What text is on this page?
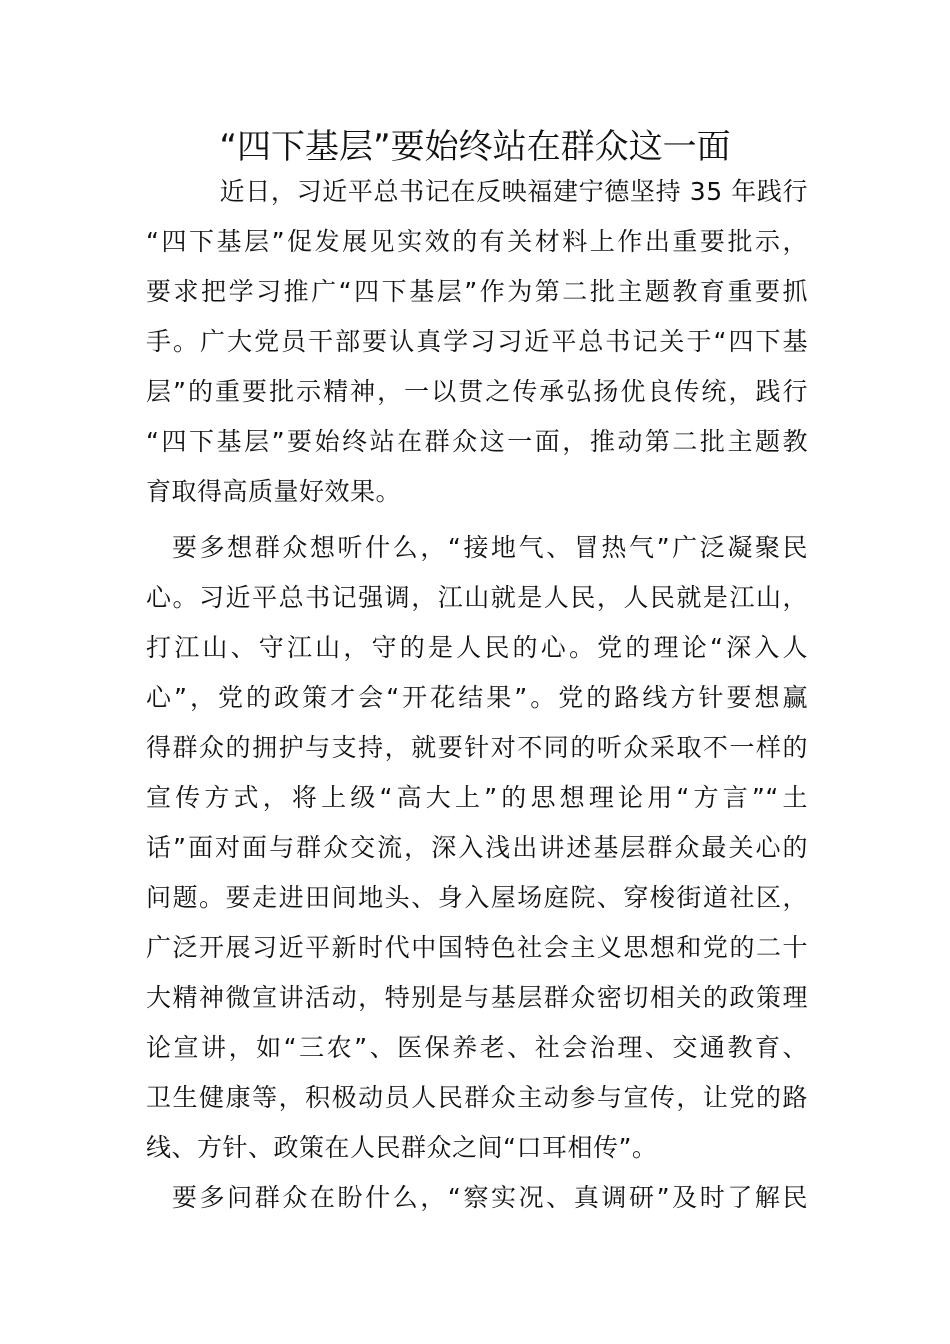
“四下基层”要始终站在群众这一面
　近日，习近平总书记在反映福建宁德坚持 35 年践行
“四下基层”促发展见实效的有关材料上作出重要批示，
要求把学习推广“四下基层”作为第二批主题教育重要抓
手。广大党员干部要认真学习习近平总书记关于“四下基
层”的重要批示精神，一以贯之传承弘扬优良传统，践行
“四下基层”要始终站在群众这一面，推动第二批主题教
育取得高质量好效果。
要多想群众想听什么，“接地气、冒热气”广泛凝聚民
心。习近平总书记强调，江山就是人民，人民就是江山，
打江山、守江山，守的是人民的心。党的理论“深入人
心”，党的政策才会“开花结果”。党的路线方针要想赢
得群众的拥护与支持，就要针对不同的听众采取不一样的
宣传方式，将上级“高大上”的思想理论用“方言”“土
话”面对面与群众交流，深入浅出讲述基层群众最关心的
问题。要走进田间地头、身入屋场庭院、穿梭街道社区，
广泛开展习近平新时代中国特色社会主义思想和党的二十
大精神微宣讲活动，特别是与基层群众密切相关的政策理
论宣讲，如“三农”、医保养老、社会治理、交通教育、
卫生健康等，积极动员人民群众主动参与宣传，让党的路
线、方针、政策在人民群众之间“口耳相传”。
要多问群众在盼什么，“察实况、真调研”及时了解民
